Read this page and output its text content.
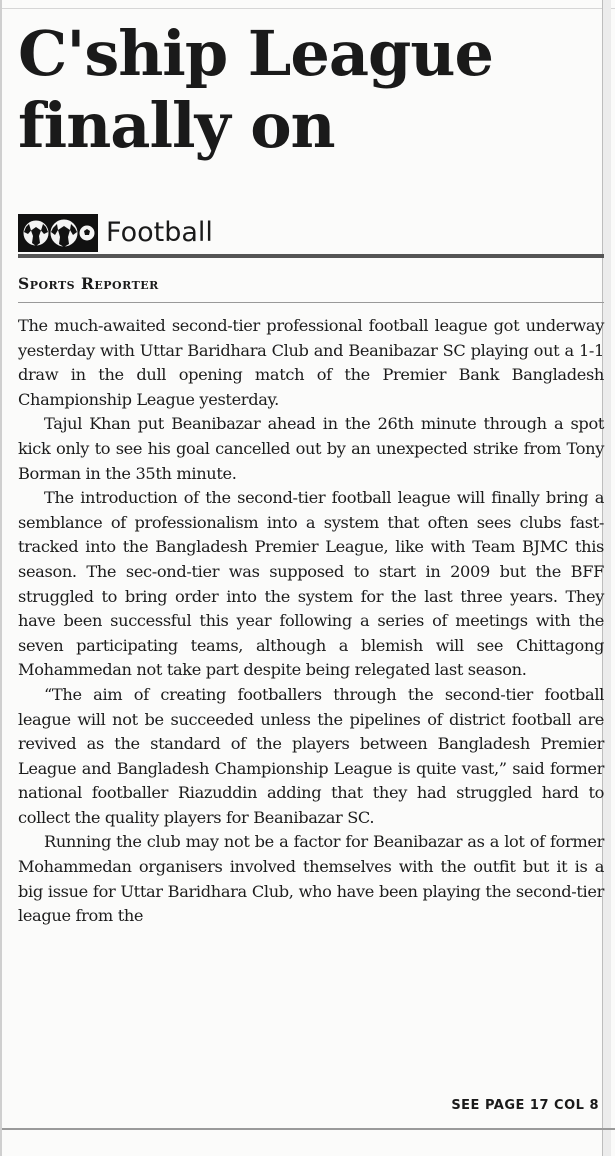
C'ship League finally on
Football
Sports Reporter

The much-awaited second-tier professional football league got underway yesterday with Uttar Baridhara Club and Beanibazar SC playing out a 1-1 draw in the dull opening match of the Premier Bank Bangladesh Championship League yesterday.

Tajul Khan put Beanibazar ahead in the 26th minute through a spot kick only to see his goal cancelled out by an unexpected strike from Tony Borman in the 35th minute.

The introduction of the second-tier football league will finally bring a semblance of professionalism into a system that often sees clubs fast-tracked into the Bangladesh Premier League, like with Team BJMC this season. The sec-ond-tier was supposed to start in 2009 but the BFF struggled to bring order into the system for the last three years. They have been successful this year following a series of meetings with the seven participating teams, although a blemish will see Chittagong Mohammedan not take part despite being relegated last season.

“The aim of creating footballers through the second-tier football league will not be succeeded unless the pipelines of district football are revived as the standard of the players between Bangladesh Premier League and Bangladesh Championship League is quite vast,” said former national footballer Riazuddin adding that they had struggled hard to collect the quality players for Beanibazar SC.

Running the club may not be a factor for Beanibazar as a lot of former Mohammedan organisers involved themselves with the outfit but it is a big issue for Uttar Baridhara Club, who have been playing the second-tier league from the

SEE PAGE 17 COL 8
